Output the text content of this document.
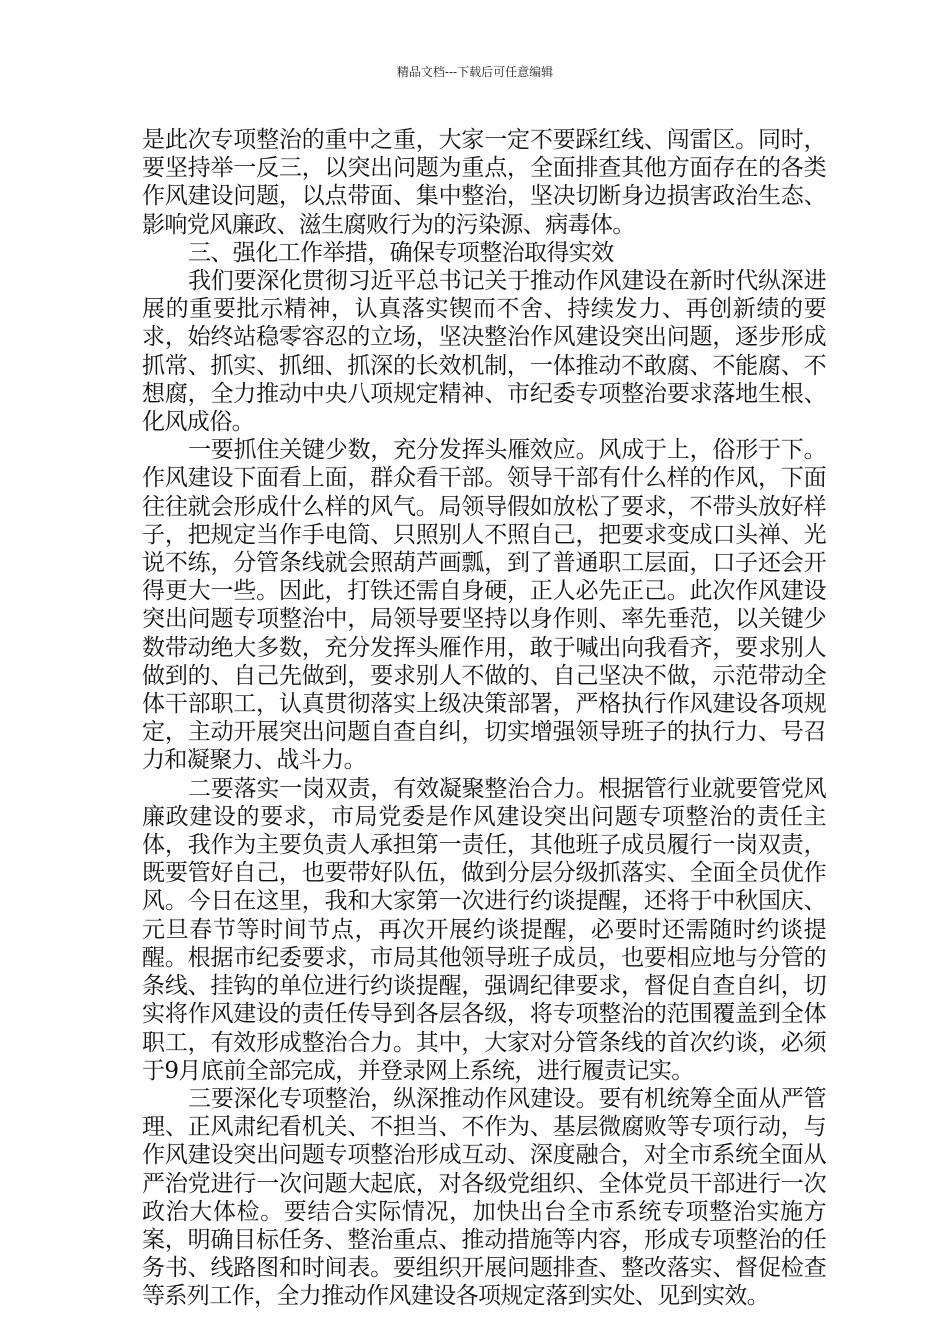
精品文档---下载后可任意编辑

是此次专项整治的重中之重，大家一定不要踩红线、闯雷区。同时，要坚持举一反三，以突出问题为重点，全面排查其他方面存在的各类作风建设问题，以点带面、集中整治，坚决切断身边损害政治生态、影响党风廉政、滋生腐败行为的污染源、病毒体。

三、强化工作举措，确保专项整治取得实效

我们要深化贯彻习近平总书记关于推动作风建设在新时代纵深进展的重要批示精神，认真落实锲而不舍、持续发力、再创新绩的要求，始终站稳零容忍的立场，坚决整治作风建设突出问题，逐步形成抓常、抓实、抓细、抓深的长效机制，一体推动不敢腐、不能腐、不想腐，全力推动中央八项规定精神、市纪委专项整治要求落地生根、化风成俗。

一要抓住关键少数，充分发挥头雁效应。风成于上，俗形于下。作风建设下面看上面，群众看干部。领导干部有什么样的作风，下面往往就会形成什么样的风气。局领导假如放松了要求，不带头放好样子，把规定当作手电筒、只照别人不照自己，把要求变成口头禅、光说不练，分管条线就会照葫芦画瓢，到了普通职工层面，口子还会开得更大一些。因此，打铁还需自身硬，正人必先正己。此次作风建设突出问题专项整治中，局领导要坚持以身作则、率先垂范，以关键少数带动绝大多数，充分发挥头雁作用，敢于喊出向我看齐，要求别人做到的、自己先做到，要求别人不做的、自己坚决不做，示范带动全体干部职工，认真贯彻落实上级决策部署，严格执行作风建设各项规定，主动开展突出问题自查自纠，切实增强领导班子的执行力、号召力和凝聚力、战斗力。

二要落实一岗双责，有效凝聚整治合力。根据管行业就要管党风廉政建设的要求，市局党委是作风建设突出问题专项整治的责任主体，我作为主要负责人承担第一责任，其他班子成员履行一岗双责，既要管好自己，也要带好队伍，做到分层分级抓落实、全面全员优作风。今日在这里，我和大家第一次进行约谈提醒，还将于中秋国庆、元旦春节等时间节点，再次开展约谈提醒，必要时还需随时约谈提醒。根据市纪委要求，市局其他领导班子成员，也要相应地与分管的条线、挂钩的单位进行约谈提醒，强调纪律要求，督促自查自纠，切实将作风建设的责任传导到各层各级，将专项整治的范围覆盖到全体职工，有效形成整治合力。其中，大家对分管条线的首次约谈，必须于9月底前全部完成，并登录网上系统，进行履责记实。

三要深化专项整治，纵深推动作风建设。要有机统筹全面从严管理、正风肃纪看机关、不担当、不作为、基层微腐败等专项行动，与作风建设突出问题专项整治形成互动、深度融合，对全市系统全面从严治党进行一次问题大起底，对各级党组织、全体党员干部进行一次政治大体检。要结合实际情况，加快出台全市系统专项整治实施方案，明确目标任务、整治重点、推动措施等内容，形成专项整治的任务书、线路图和时间表。要组织开展问题排查、整改落实、督促检查等系列工作，全力推动作风建设各项规定落到实处、见到实效。
